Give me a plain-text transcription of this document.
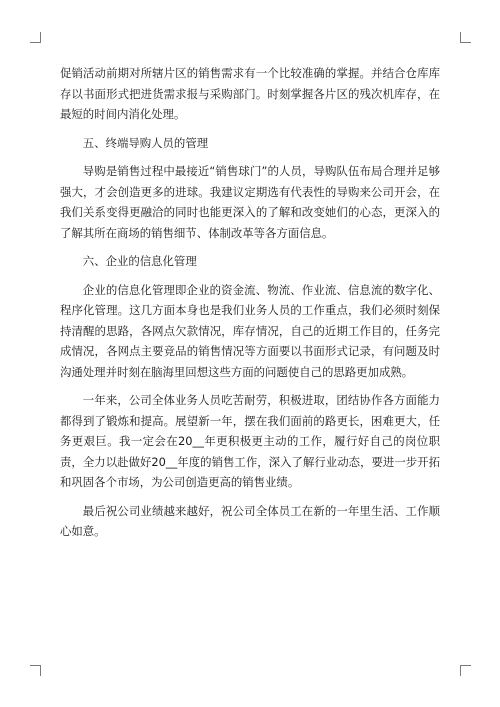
促销活动前期对所辖片区的销售需求有一个比较准确的掌握。并结合仓库库存以书面形式把进货需求报与采购部门。时刻掌握各片区的残次机库存，在最短的时间内消化处理。

五、终端导购人员的管理

导购是销售过程中最接近“销售球门”的人员，导购队伍布局合理并足够强大，才会创造更多的进球。我建议定期选有代表性的导购来公司开会，在我们关系变得更融洽的同时也能更深入的了解和改变她们的心态，更深入的了解其所在商场的销售细节、体制改革等各方面信息。

六、企业的信息化管理

企业的信息化管理即企业的资金流、物流、作业流、信息流的数字化、程序化管理。这几方面本身也是我们业务人员的工作重点，我们必须时刻保持清醒的思路，各网点欠款情况，库存情况，自己的近期工作目的，任务完成情况，各网点主要竞品的销售情况等方面要以书面形式记录，有问题及时沟通处理并时刻在脑海里回想这些方面的问题使自己的思路更加成熟。

一年来，公司全体业务人员吃苦耐劳，积极进取，团结协作各方面能力都得到了锻炼和提高。展望新一年，摆在我们面前的路更长，困难更大，任务更艰巨。我一定会在20__年更积极更主动的工作，履行好自己的岗位职责，全力以赴做好20__年度的销售工作，深入了解行业动态，要进一步开拓和巩固各个市场，为公司创造更高的销售业绩。

最后祝公司业绩越来越好，祝公司全体员工在新的一年里生活、工作顺心如意。
